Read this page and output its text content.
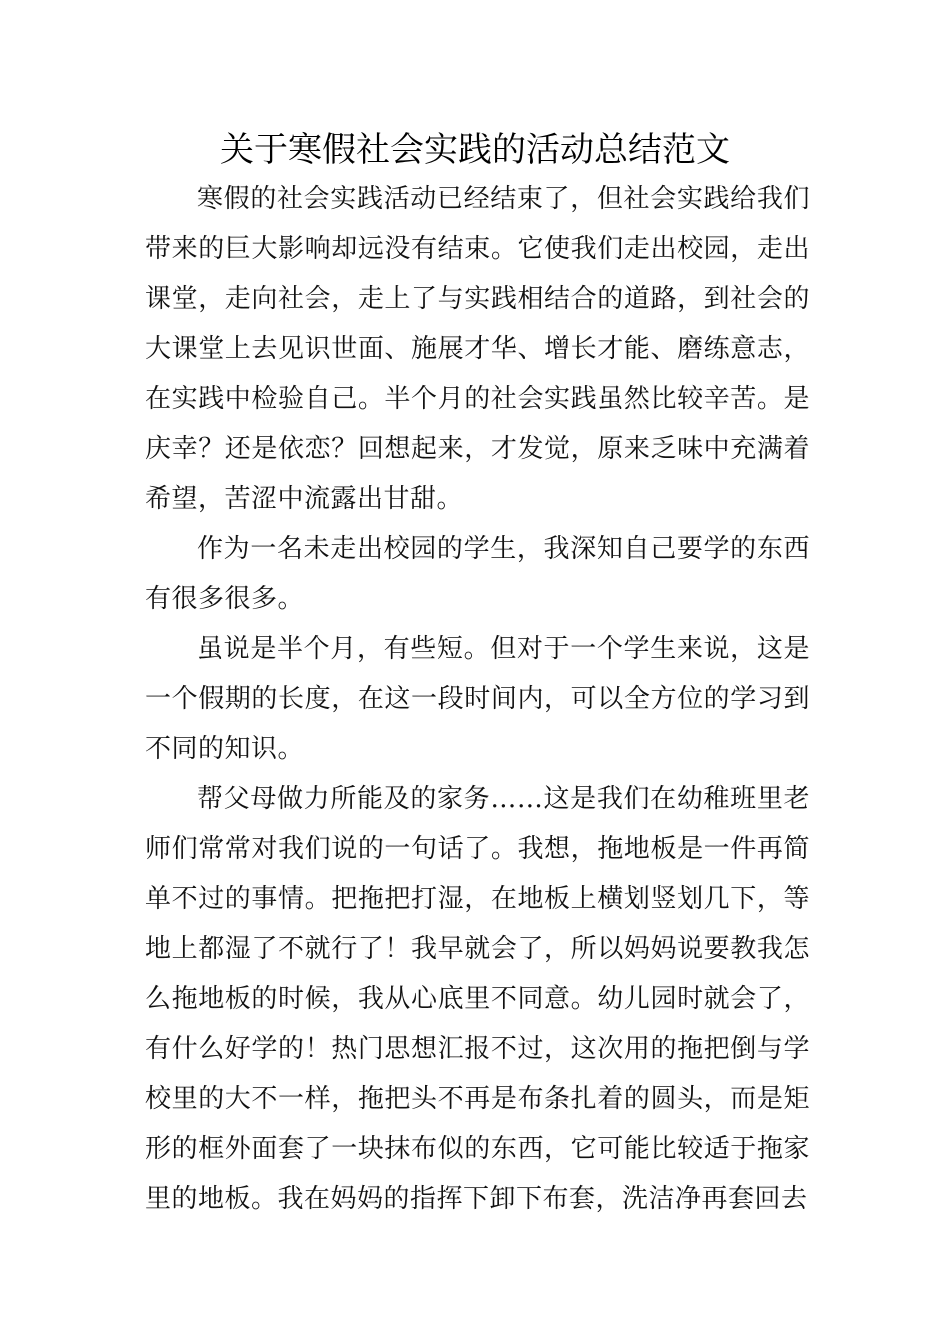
关于寒假社会实践的活动总结范文

寒假的社会实践活动已经结束了，但社会实践给我们带来的巨大影响却远没有结束。它使我们走出校园，走出课堂，走向社会，走上了与实践相结合的道路，到社会的大课堂上去见识世面、施展才华、增长才能、磨练意志，在实践中检验自己。半个月的社会实践虽然比较辛苦。是庆幸？还是依恋？回想起来，才发觉，原来乏味中充满着希望，苦涩中流露出甘甜。

作为一名未走出校园的学生，我深知自己要学的东西有很多很多。

虽说是半个月，有些短。但对于一个学生来说，这是一个假期的长度，在这一段时间内，可以全方位的学习到不同的知识。

帮父母做力所能及的家务……这是我们在幼稚班里老师们常常对我们说的一句话了。我想，拖地板是一件再简单不过的事情。把拖把打湿，在地板上横划竖划几下，等地上都湿了不就行了！我早就会了，所以妈妈说要教我怎么拖地板的时候，我从心底里不同意。幼儿园时就会了，有什么好学的！热门思想汇报不过，这次用的拖把倒与学校里的大不一样，拖把头不再是布条扎着的圆头，而是矩形的框外面套了一块抹布似的东西，它可能比较适于拖家里的地板。我在妈妈的指挥下卸下布套，洗洁净再套回去
